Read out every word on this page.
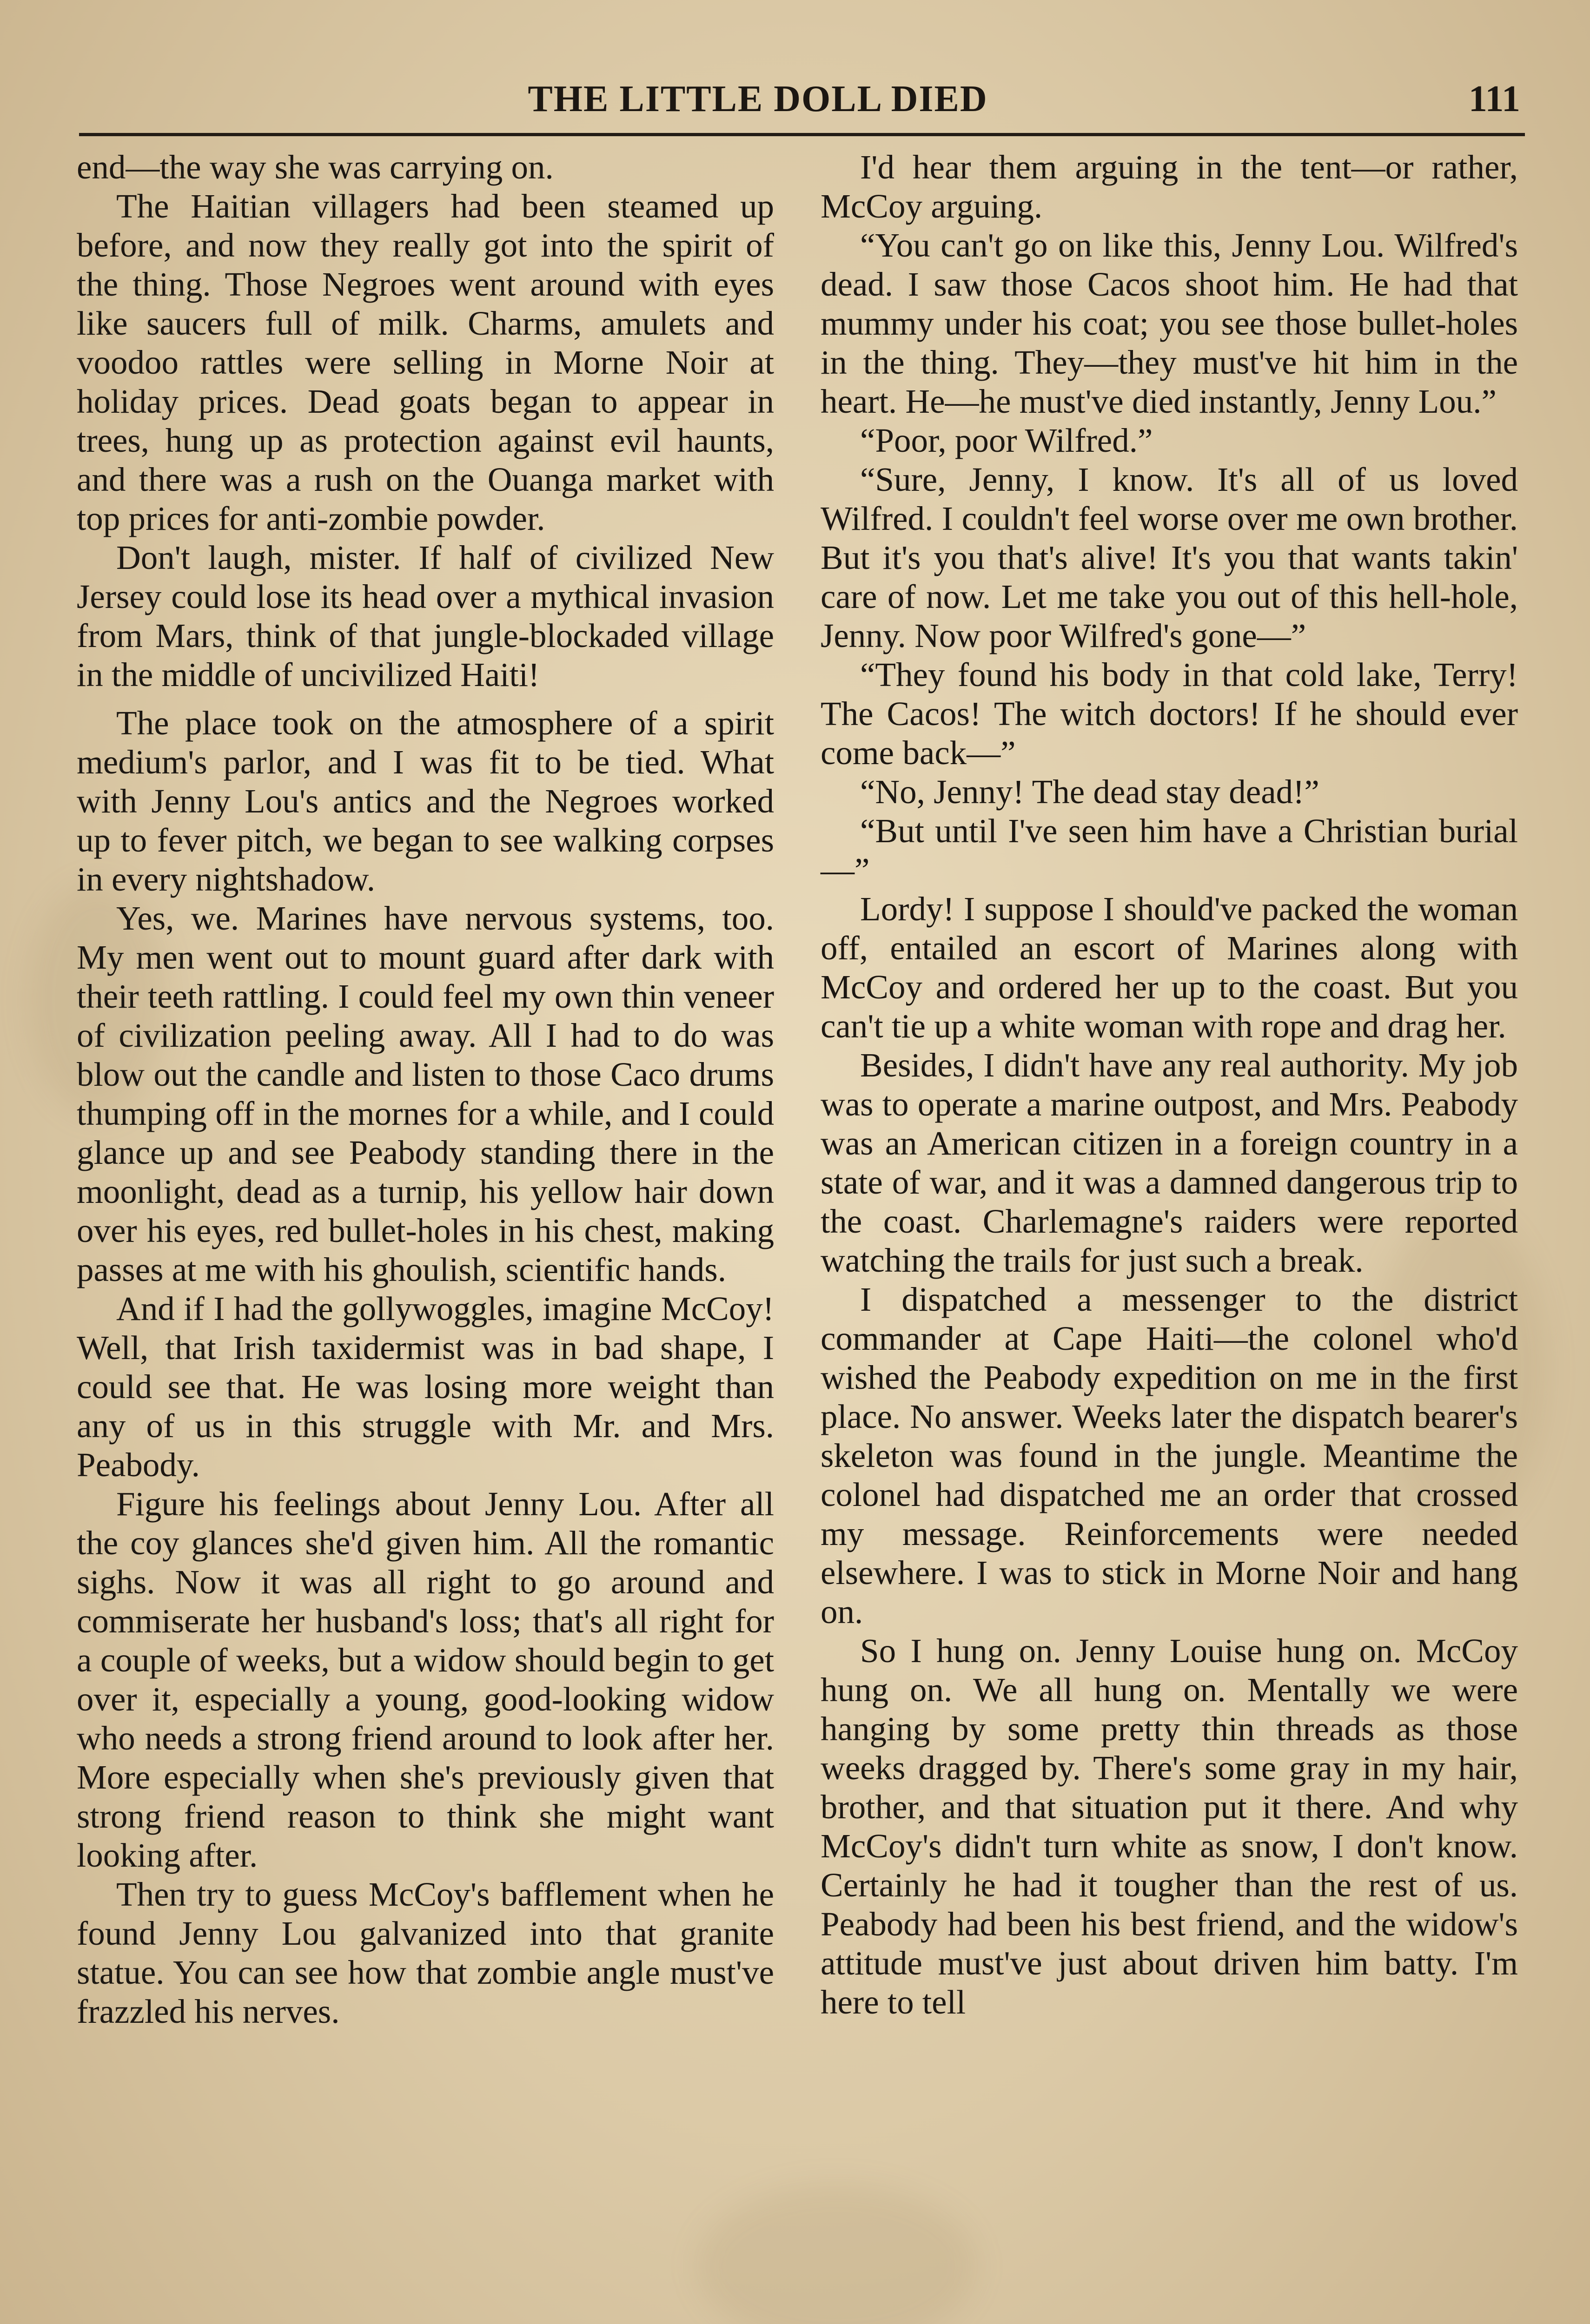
THE LITTLE DOLL DIED	111

end—the way she was carrying on.

The Haitian villagers had been steamed up before, and now they really got into the spirit of the thing. Those Negroes went around with eyes like saucers full of milk. Charms, amulets and voodoo rattles were selling in Morne Noir at holiday prices. Dead goats began to appear in trees, hung up as protection against evil haunts, and there was a rush on the Ouanga market with top prices for anti-zombie powder.

Don't laugh, mister. If half of civilized New Jersey could lose its head over a mythical invasion from Mars, think of that jungle-blockaded village in the middle of uncivilized Haiti!

The place took on the atmosphere of a spirit medium's parlor, and I was fit to be tied. What with Jenny Lou's antics and the Negroes worked up to fever pitch, we began to see walking corpses in every nightshadow.

Yes, we. Marines have nervous systems, too. My men went out to mount guard after dark with their teeth rattling. I could feel my own thin veneer of civilization peeling away. All I had to do was blow out the candle and listen to those Caco drums thumping off in the mornes for a while, and I could glance up and see Peabody standing there in the moonlight, dead as a turnip, his yellow hair down over his eyes, red bullet-holes in his chest, making passes at me with his ghoulish, scientific hands.

And if I had the gollywoggles, imagine McCoy! Well, that Irish taxidermist was in bad shape, I could see that. He was losing more weight than any of us in this struggle with Mr. and Mrs. Peabody.

Figure his feelings about Jenny Lou. After all the coy glances she'd given him. All the romantic sighs. Now it was all right to go around and commiserate her husband's loss; that's all right for a couple of weeks, but a widow should begin to get over it, especially a young, good-looking widow who needs a strong friend around to look after her. More especially when she's previously given that strong friend reason to think she might want looking after.

Then try to guess McCoy's bafflement when he found Jenny Lou galvanized into that granite statue. You can see how that zombie angle must've frazzled his nerves.

I'd hear them arguing in the tent—or rather, McCoy arguing.

“You can't go on like this, Jenny Lou. Wilfred's dead. I saw those Cacos shoot him. He had that mummy under his coat; you see those bullet-holes in the thing. They—they must've hit him in the heart. He—he must've died instantly, Jenny Lou.”

“Poor, poor Wilfred.”

“Sure, Jenny, I know. It's all of us loved Wilfred. I couldn't feel worse over me own brother. But it's you that's alive! It's you that wants takin' care of now. Let me take you out of this hell-hole, Jenny. Now poor Wilfred's gone—”

“They found his body in that cold lake, Terry! The Cacos! The witch doctors! If he should ever come back—”

“No, Jenny! The dead stay dead!”

“But until I've seen him have a Christian burial—”

Lordy! I suppose I should've packed the woman off, entailed an escort of Marines along with McCoy and ordered her up to the coast. But you can't tie up a white woman with rope and drag her.

Besides, I didn't have any real authority. My job was to operate a marine outpost, and Mrs. Peabody was an American citizen in a foreign country in a state of war, and it was a damned dangerous trip to the coast. Charlemagne's raiders were reported watching the trails for just such a break.

I dispatched a messenger to the district commander at Cape Haiti—the colonel who'd wished the Peabody expedition on me in the first place. No answer. Weeks later the dispatch bearer's skeleton was found in the jungle. Meantime the colonel had dispatched me an order that crossed my message. Reinforcements were needed elsewhere. I was to stick in Morne Noir and hang on.

So I hung on. Jenny Louise hung on. McCoy hung on. We all hung on. Mentally we were hanging by some pretty thin threads as those weeks dragged by. There's some gray in my hair, brother, and that situation put it there. And why McCoy's didn't turn white as snow, I don't know. Certainly he had it tougher than the rest of us. Peabody had been his best friend, and the widow's attitude must've just about driven him batty. I'm here to tell
